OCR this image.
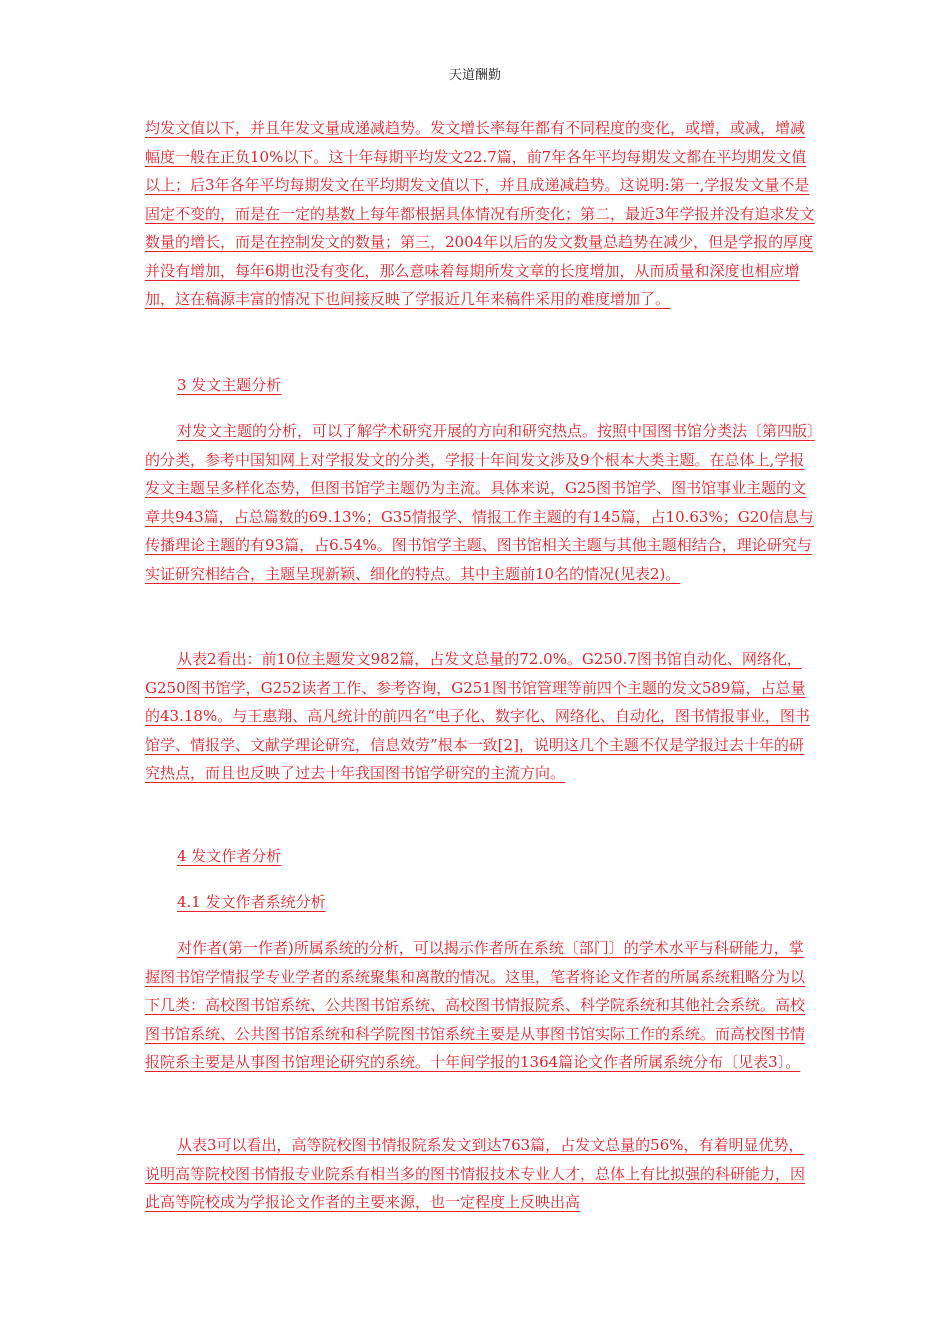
天道酬勤

均发文值以下，并且年发文量成递减趋势。发文增长率每年都有不同程度的变化，或增，或减，增减幅度一般在正负10%以下。这十年每期平均发文22.7篇，前7年各年平均每期发文都在平均期发文值以上；后3年各年平均每期发文在平均期发文值以下，并且成递减趋势。这说明:第一,学报发文量不是固定不变的，而是在一定的基数上每年都根据具体情况有所变化；第二，最近3年学报并没有追求发文数量的增长，而是在控制发文的数量；第三，2004年以后的发文数量总趋势在减少，但是学报的厚度并没有增加，每年6期也没有变化，那么意味着每期所发文章的长度增加，从而质量和深度也相应增加，这在稿源丰富的情况下也间接反映了学报近几年来稿件采用的难度增加了。

3 发文主题分析

对发文主题的分析，可以了解学术研究开展的方向和研究热点。按照中国图书馆分类法〔第四版〕的分类，参考中国知网上对学报发文的分类，学报十年间发文涉及9个根本大类主题。在总体上,学报发文主题呈多样化态势，但图书馆学主题仍为主流。具体来说，G25图书馆学、图书馆事业主题的文章共943篇，占总篇数的69.13%；G35情报学、情报工作主题的有145篇，占10.63%；G20信息与传播理论主题的有93篇，占6.54%。图书馆学主题、图书馆相关主题与其他主题相结合，理论研究与实证研究相结合，主题呈现新颖、细化的特点。其中主题前10名的情况(见表2)。

从表2看出：前10位主题发文982篇，占发文总量的72.0%。G250.7图书馆自动化、网络化，G250图书馆学，G252读者工作、参考咨询，G251图书馆管理等前四个主题的发文589篇，占总量的43.18%。与王惠翔、高凡统计的前四名“电子化、数字化、网络化、自动化，图书情报事业，图书馆学、情报学、文献学理论研究，信息效劳”根本一致[2]，说明这几个主题不仅是学报过去十年的研究热点，而且也反映了过去十年我国图书馆学研究的主流方向。

4 发文作者分析

4.1 发文作者系统分析

对作者(第一作者)所属系统的分析，可以揭示作者所在系统〔部门〕的学术水平与科研能力，掌握图书馆学情报学专业学者的系统聚集和离散的情况。这里，笔者将论文作者的所属系统粗略分为以下几类：高校图书馆系统、公共图书馆系统、高校图书情报院系、科学院系统和其他社会系统。高校图书馆系统、公共图书馆系统和科学院图书馆系统主要是从事图书馆实际工作的系统。而高校图书情报院系主要是从事图书馆理论研究的系统。十年间学报的1364篇论文作者所属系统分布〔见表3〕。

从表3可以看出，高等院校图书情报院系发文到达763篇，占发文总量的56%，有着明显优势，说明高等院校图书情报专业院系有相当多的图书情报技术专业人才，总体上有比拟强的科研能力，因此高等院校成为学报论文作者的主要来源，也一定程度上反映出高
